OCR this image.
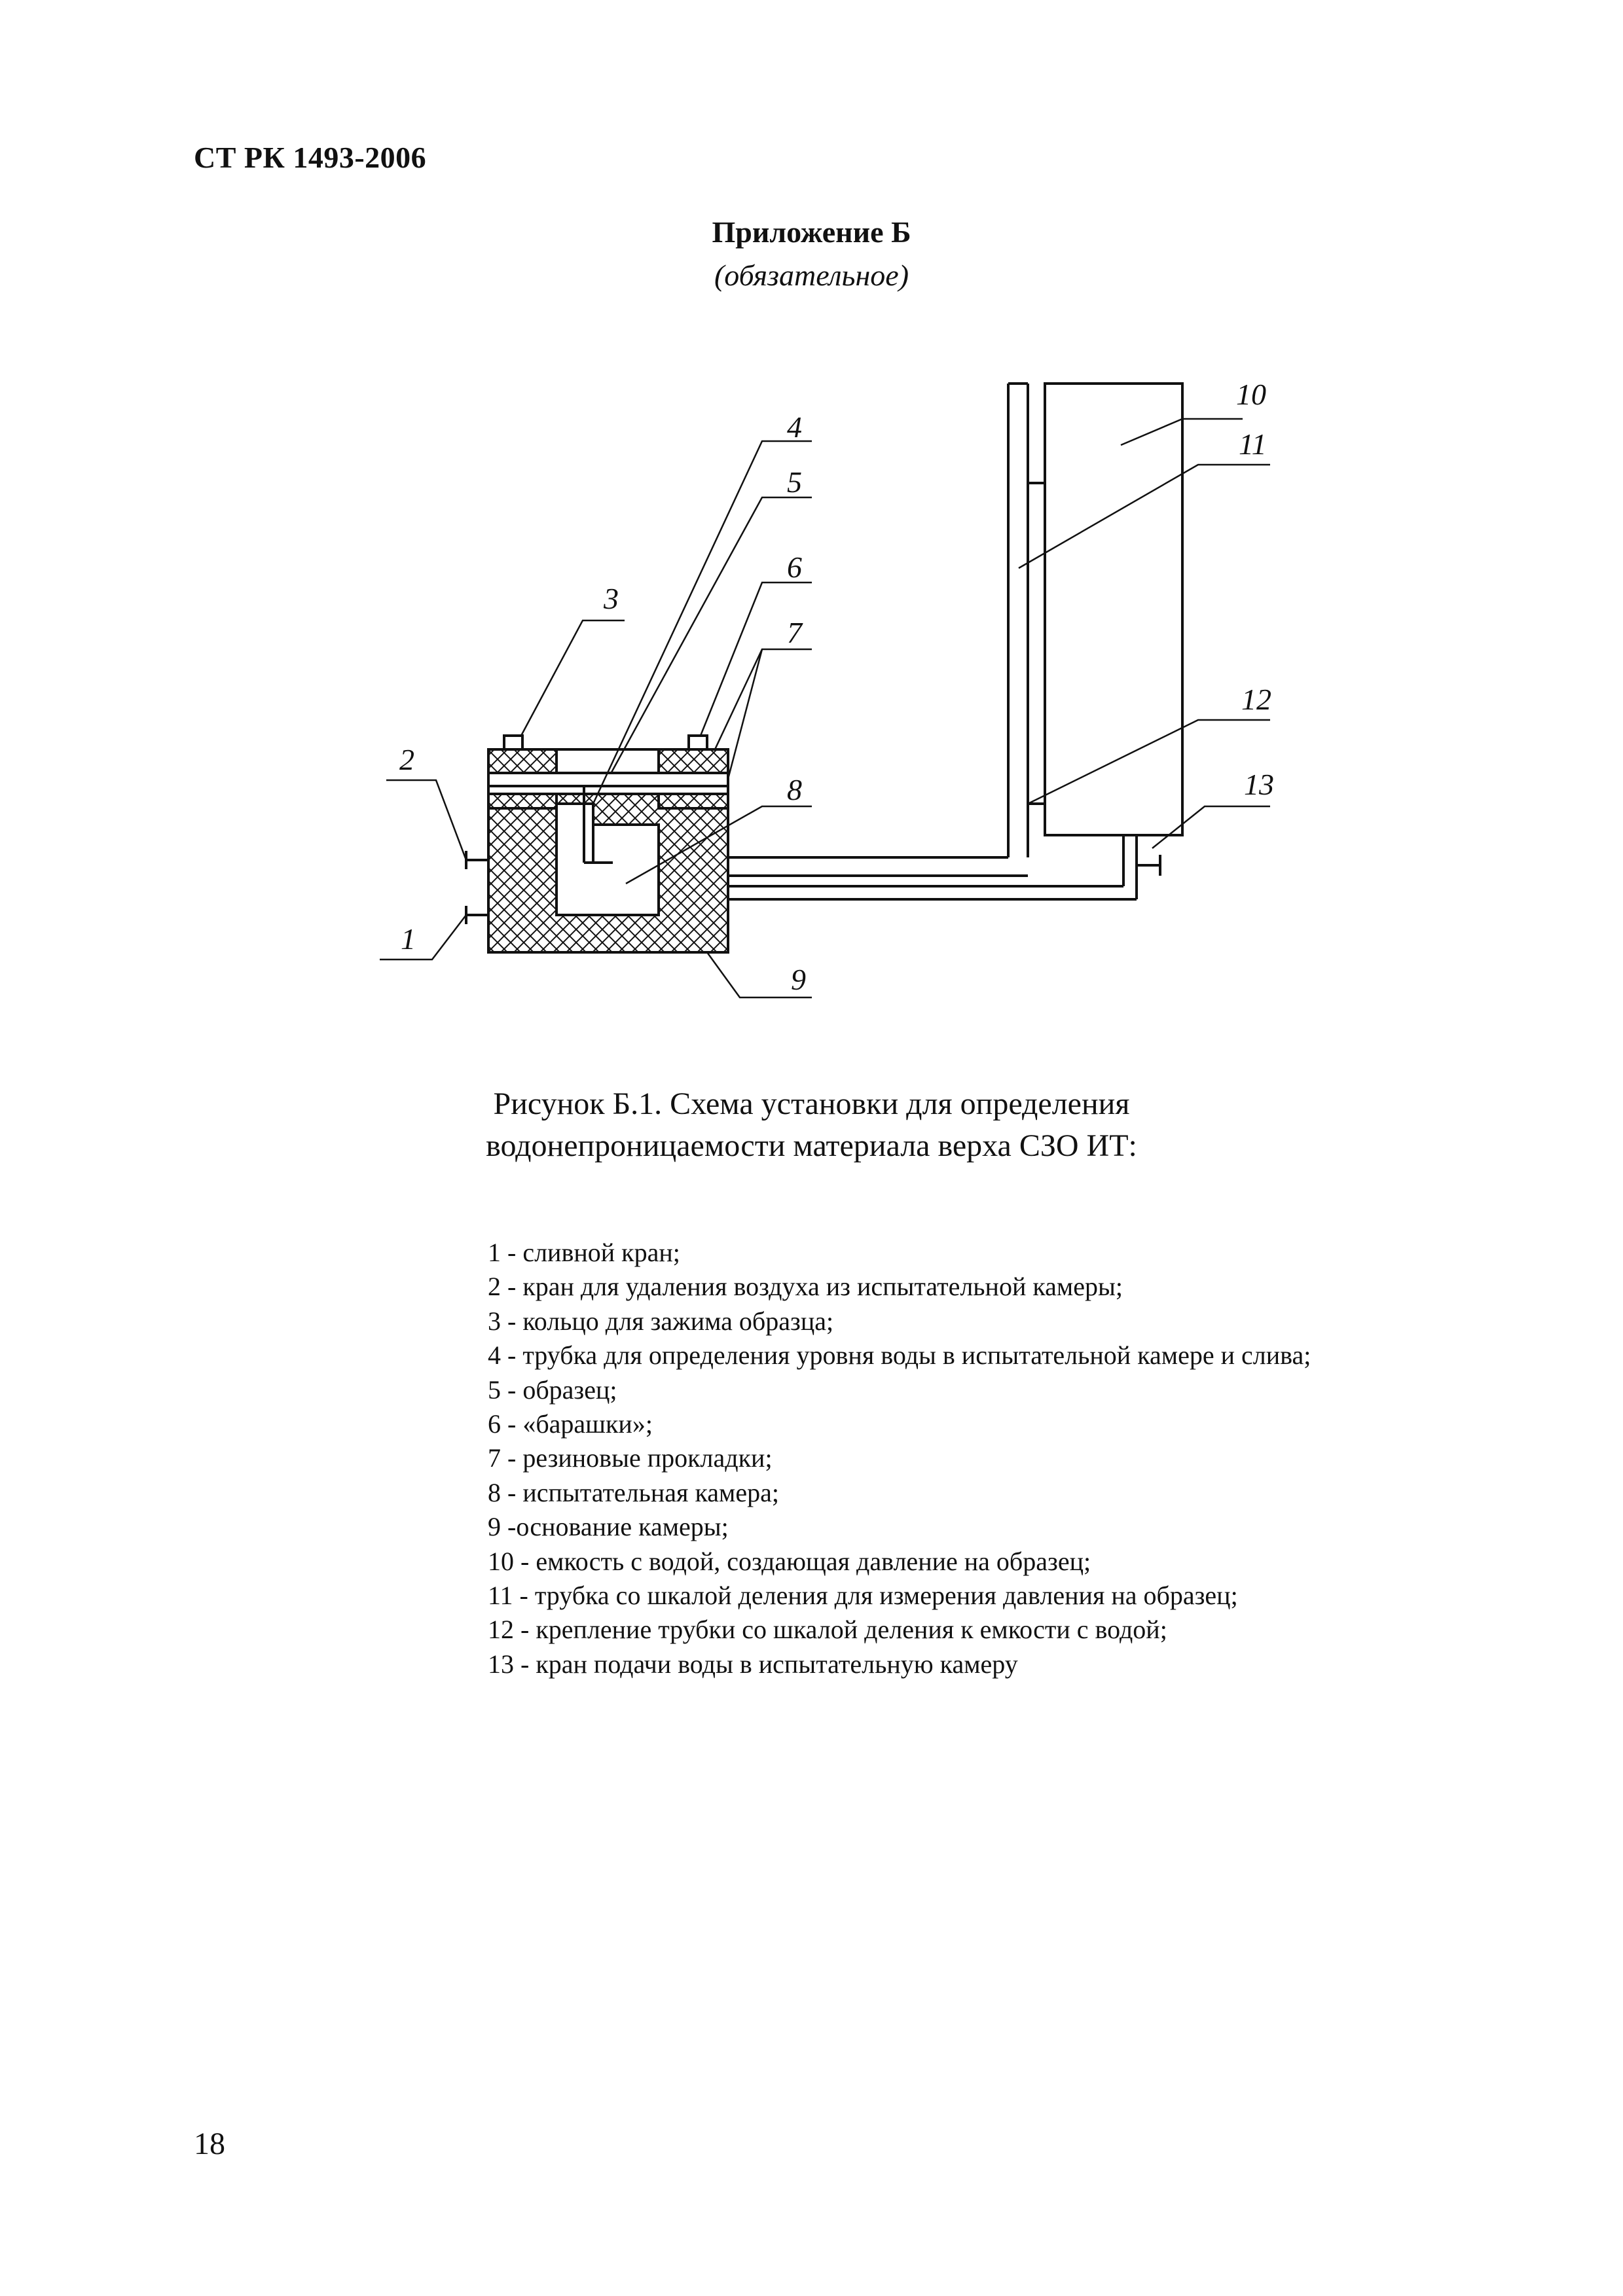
СТ РК 1493-2006
Приложение Б
(обязательное)
1
2
3
4
5
6
7
8
9
10
11
12
13
Рисунок Б.1. Схема установки для определения
водонепроницаемости материала верха СЗО ИТ:
1 - сливной кран;
2 - кран для удаления воздуха из испытательной камеры;
3 - кольцо для зажима образца;
4 - трубка для определения уровня воды в испытательной камере и слива;
5 - образец;
6 - «барашки»;
7 - резиновые прокладки;
8 - испытательная камера;
9 -основание камеры;
10 - емкость с водой, создающая давление на образец;
11 - трубка со шкалой деления для измерения давления на образец;
12 - крепление трубки со шкалой деления к емкости с водой;
13 - кран подачи воды в испытательную камеру
18
